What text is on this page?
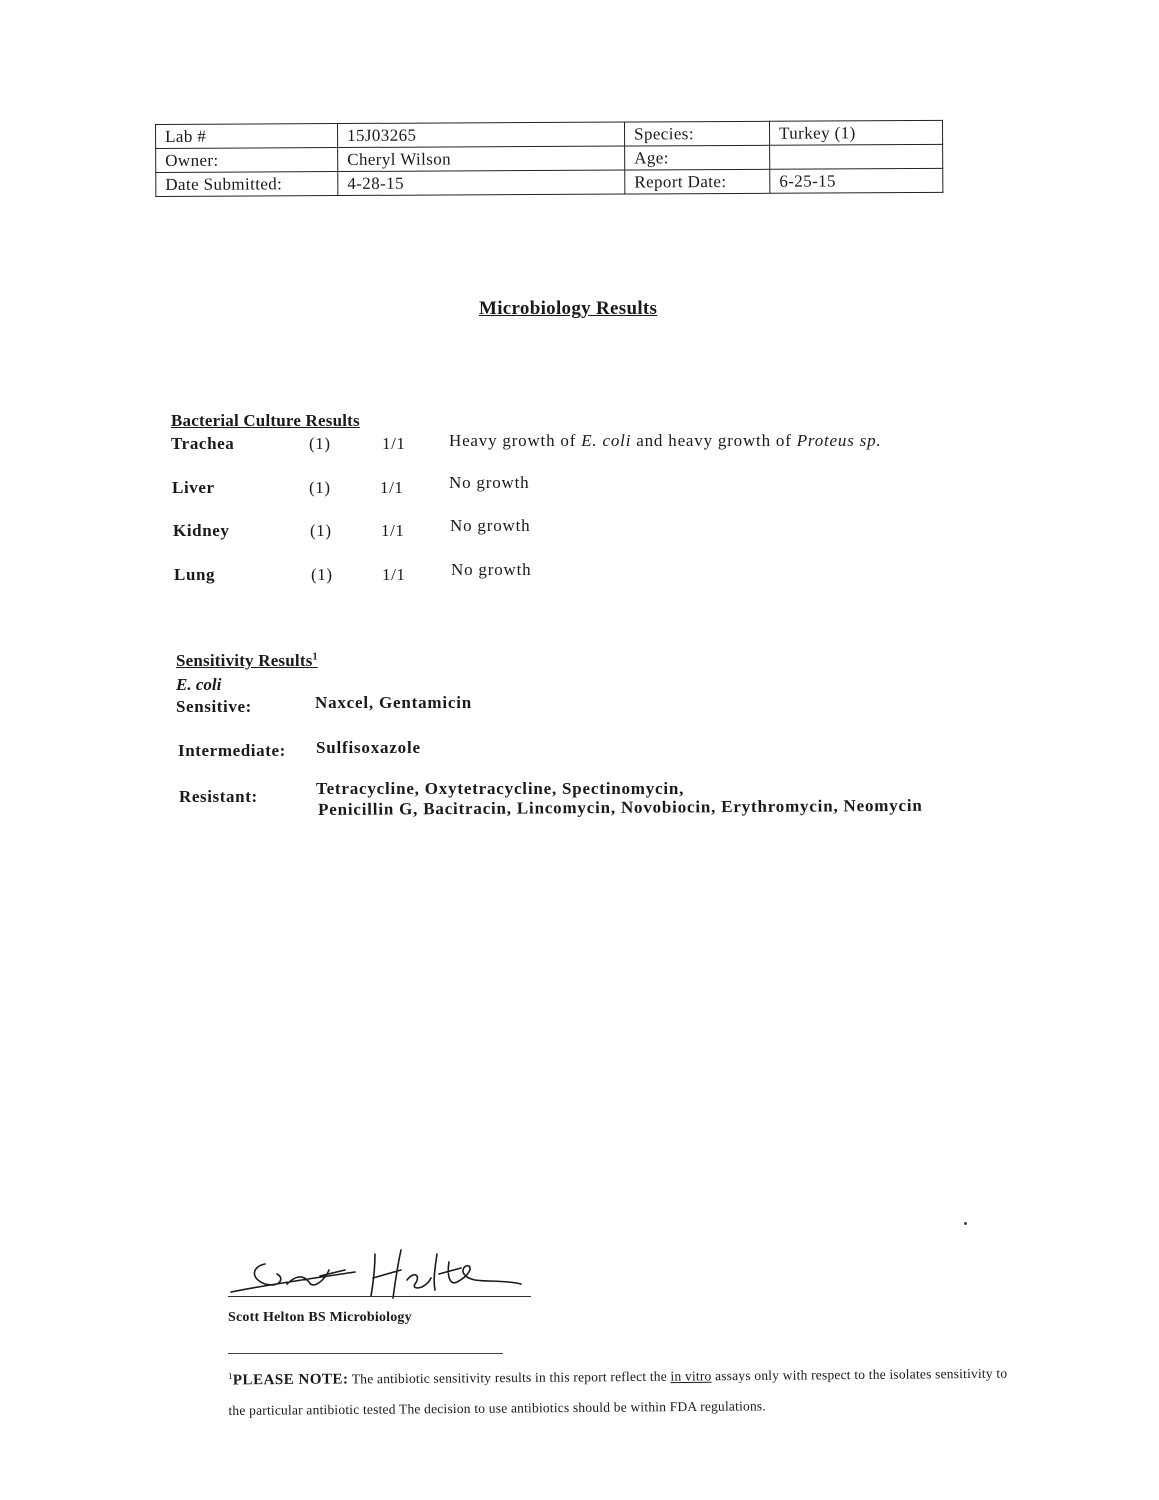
Lab #	15J03265	Species:	Turkey (1)
Owner:	Cheryl Wilson	Age:	
Date Submitted:	4-28-15	Report Date:	6-25-15
Microbiology Results
Bacterial Culture Results
Trachea	(1)	1/1	Heavy growth of E. coli and heavy growth of Proteus sp.
Liver	(1)	1/1	No growth
Kidney	(1)	1/1	No growth
Lung	(1)	1/1	No growth
Sensitivity Results$^1$
E. coli
Sensitive:	Naxcel, Gentamicin
Intermediate: Sulfisoxazole
Resistant:	Tetracycline, Oxytetracycline, Spectinomycin,
Penicillin G, Bacitracin, Lincomycin, Novobiocin, Erythromycin, Neomycin
Scott Helton BS Microbiology
$^1$PLEASE NOTE: The antibiotic sensitivity results in this report reflect the in vitro assays only with respect to the isolates sensitivity to the particular antibiotic tested The decision to use antibiotics should be within FDA regulations.
